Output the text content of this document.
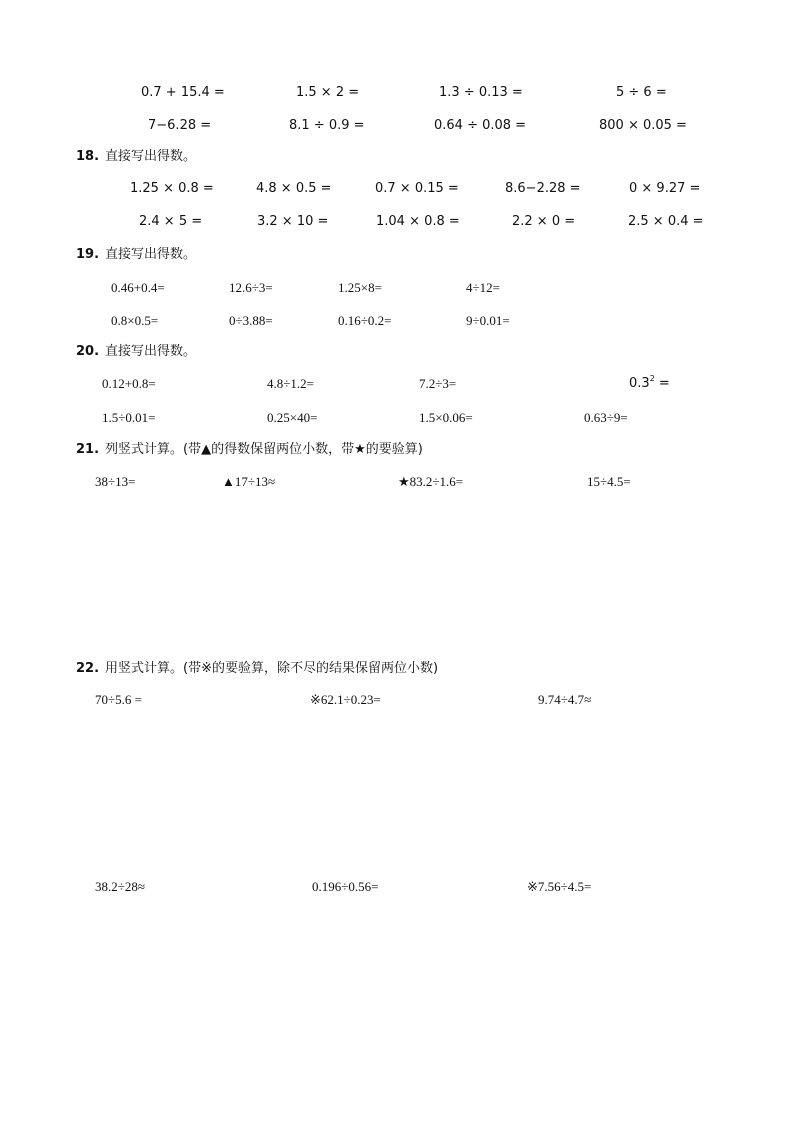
0.7 + 15.4 =	1.5 × 2 =	1.3 ÷ 0.13 =	5 ÷ 6 =
7−6.28 =	8.1 ÷ 0.9 =	0.64 ÷ 0.08 =	800 × 0.05 =
18. 直接写出得数。
1.25 × 0.8 =	4.8 × 0.5 =	0.7 × 0.15 =	8.6−2.28 =	0 × 9.27 =
2.4 × 5 =	3.2 × 10 =	1.04 × 0.8 =	2.2 × 0 =	2.5 × 0.4 =
19. 直接写出得数。
0.46+0.4=	12.6÷3=	1.25×8=	4÷12=
0.8×0.5=	0÷3.88=	0.16÷0.2=	9÷0.01=
20. 直接写出得数。
0.12+0.8=	4.8÷1.2=	7.2÷3=	$0.3^2$ =
1.5÷0.01=	0.25×40=	1.5×0.06=	0.63÷9=
21. 列竖式计算。(带▲的得数保留两位小数，带★的要验算)
38÷13=	▲17÷13≈	★83.2÷1.6=	15÷4.5=
22. 用竖式计算。(带※的要验算，除不尽的结果保留两位小数)
70÷5.6 =	※62.1÷0.23=	9.74÷4.7≈
38.2÷28≈	0.196÷0.56=	※7.56÷4.5=
